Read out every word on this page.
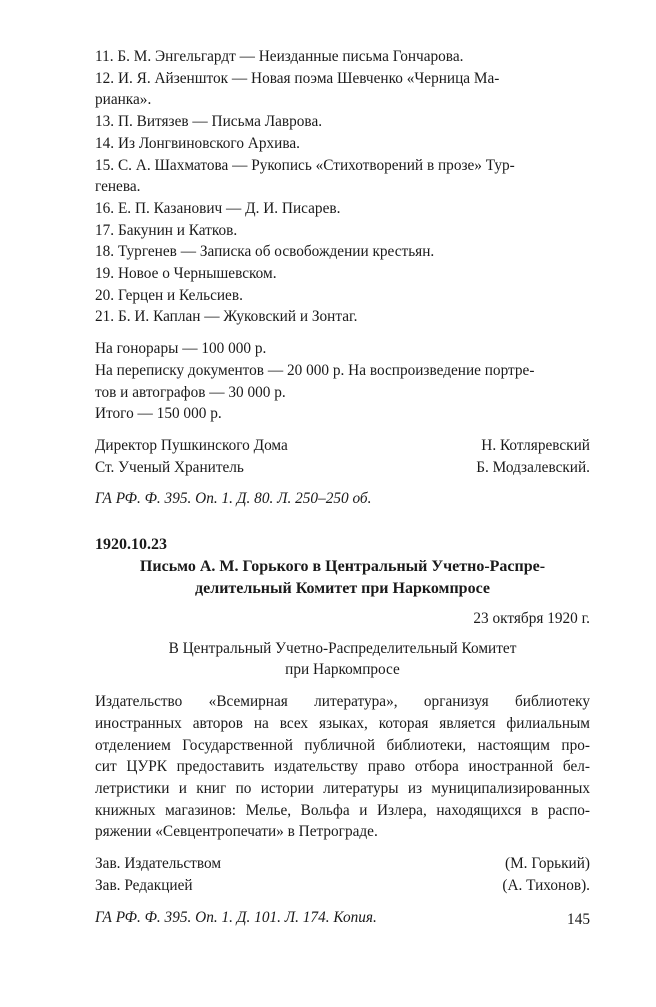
11. Б. М. Энгельгардт — Неизданные письма Гончарова.
12. И. Я. Айзеншток — Новая поэма Шевченко «Черница Ма-
рианка».
13. П. Витязев — Письма Лаврова.
14. Из Лонгвиновского Архива.
15. С. А. Шахматова — Рукопись «Стихотворений в прозе» Тур-
генева.
16. Е. П. Казанович — Д. И. Писарев.
17. Бакунин и Катков.
18. Тургенев — Записка об освобождении крестьян.
19. Новое о Чернышевском.
20. Герцен и Кельсиев.
21. Б. И. Каплан — Жуковский и Зонтаг.
На гонорары — 100 000 р.
На переписку документов — 20 000 р. На воспроизведение портре-
тов и автографов — 30 000 р.
Итого — 150 000 р.
Директор Пушкинского Дома	Н. Котляревский
Ст. Ученый Хранитель	Б. Модзалевский.
ГА РФ. Ф. 395. Оп. 1. Д. 80. Л. 250–250 об.
1920.10.23
Письмо А. М. Горького в Центральный Учетно-Распре-
делительный Комитет при Наркомпросе
23 октября 1920 г.
В Центральный Учетно-Распределительный Комитет
при Наркомпросе
Издательство «Всемирная литература», организуя библиотеку
иностранных авторов на всех языках, которая является филиальным
отделением Государственной публичной библиотеки, настоящим про-
сит ЦУРК предоставить издательству право отбора иностранной бел-
летристики и книг по истории литературы из муниципализированных
книжных магазинов: Мелье, Вольфа и Излера, находящихся в распо-
ряжении «Севцентропечати» в Петрограде.
Зав. Издательством	(М. Горький)
Зав. Редакцией	(А. Тихонов).
ГА РФ. Ф. 395. Оп. 1. Д. 101. Л. 174. Копия.	145
